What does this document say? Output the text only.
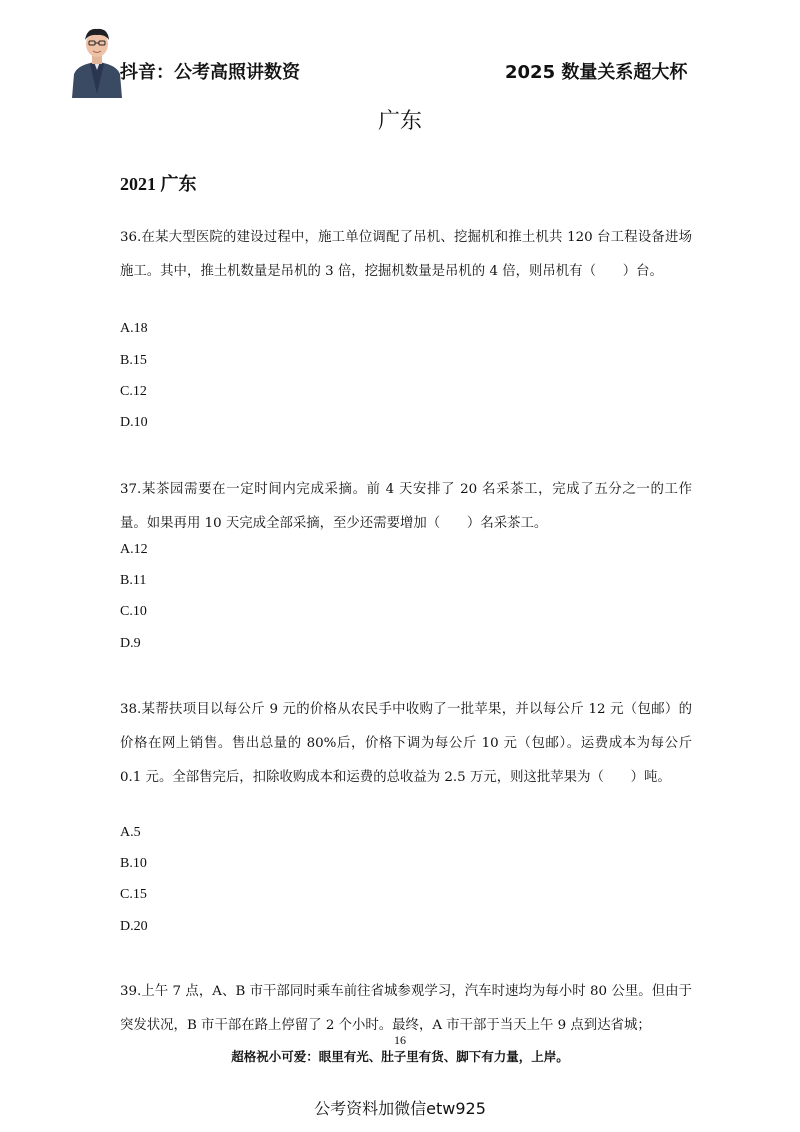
抖音：公考高照讲数资	2025 数量关系超大杯
广东
2021 广东
36.在某大型医院的建设过程中，施工单位调配了吊机、挖掘机和推土机共 120 台工程设备进场施工。其中，推土机数量是吊机的 3 倍，挖掘机数量是吊机的 4 倍，则吊机有（　　）台。
A.18
B.15
C.12
D.10
37.某茶园需要在一定时间内完成采摘。前 4 天安排了 20 名采茶工，完成了五分之一的工作量。如果再用 10 天完成全部采摘，至少还需要增加（　　）名采茶工。
A.12
B.11
C.10
D.9
38.某帮扶项目以每公斤 9 元的价格从农民手中收购了一批苹果，并以每公斤 12 元（包邮）的价格在网上销售。售出总量的 80%后，价格下调为每公斤 10 元（包邮）。运费成本为每公斤 0.1 元。全部售完后，扣除收购成本和运费的总收益为 2.5 万元，则这批苹果为（　　）吨。
A.5
B.10
C.15
D.20
39.上午 7 点，A、B 市干部同时乘车前往省城参观学习，汽车时速均为每小时 80 公里。但由于突发状况，B 市干部在路上停留了 2 个小时。最终，A 市干部于当天上午 9 点到达省城；
16
超格祝小可爱：眼里有光、肚子里有货、脚下有力量，上岸。
公考资料加微信etw925
